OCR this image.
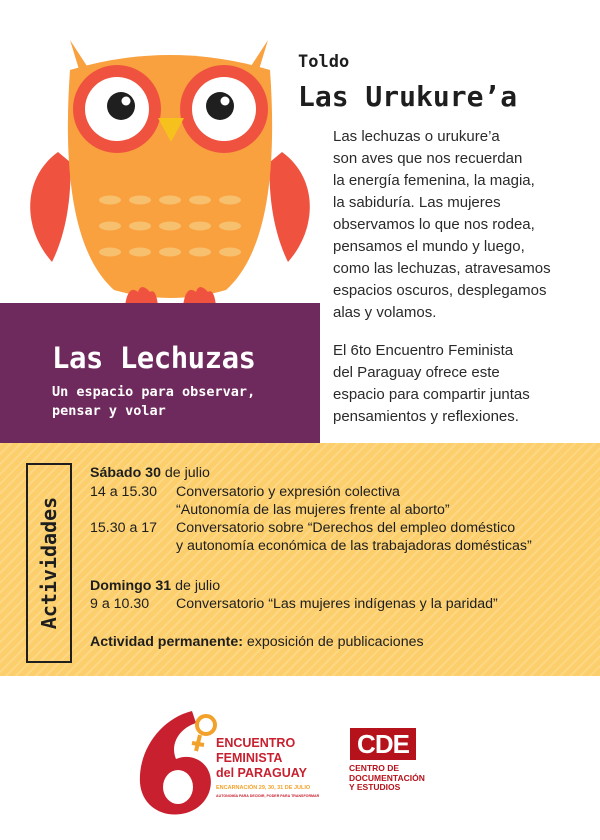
Toldo
Las Urukure’a
Las lechuzas o urukure’a
son aves que nos recuerdan
la energía femenina, la magia,
la sabiduría. Las mujeres
observamos lo que nos rodea,
pensamos el mundo y luego,
como las lechuzas, atravesamos
espacios oscuros, desplegamos
alas y volamos.
El 6to Encuentro Feminista
del Paraguay ofrece este
espacio para compartir juntas
pensamientos y reflexiones.
Las Lechuzas
Un espacio para observar,
pensar y volar
Actividades
Sábado 30 de julio
14 a 15.30 Conversatorio y expresión colectiva
“Autonomía de las mujeres frente al aborto”
15.30 a 17 Conversatorio sobre “Derechos del empleo doméstico
y autonomía económica de las trabajadoras domésticas”
Domingo 31 de julio
9 a 10.30 Conversatorio “Las mujeres indígenas y la paridad”
Actividad permanente: exposición de publicaciones
ENCUENTRO
FEMINISTA
del PARAGUAY
ENCARNACIÓN 29, 30, 31 DE JULIO
AUTONOMÍA PARA DECIDIR, PODER PARA TRANSFORMAR
CDE
CENTRO DE
DOCUMENTACIÓN
Y ESTUDIOS
